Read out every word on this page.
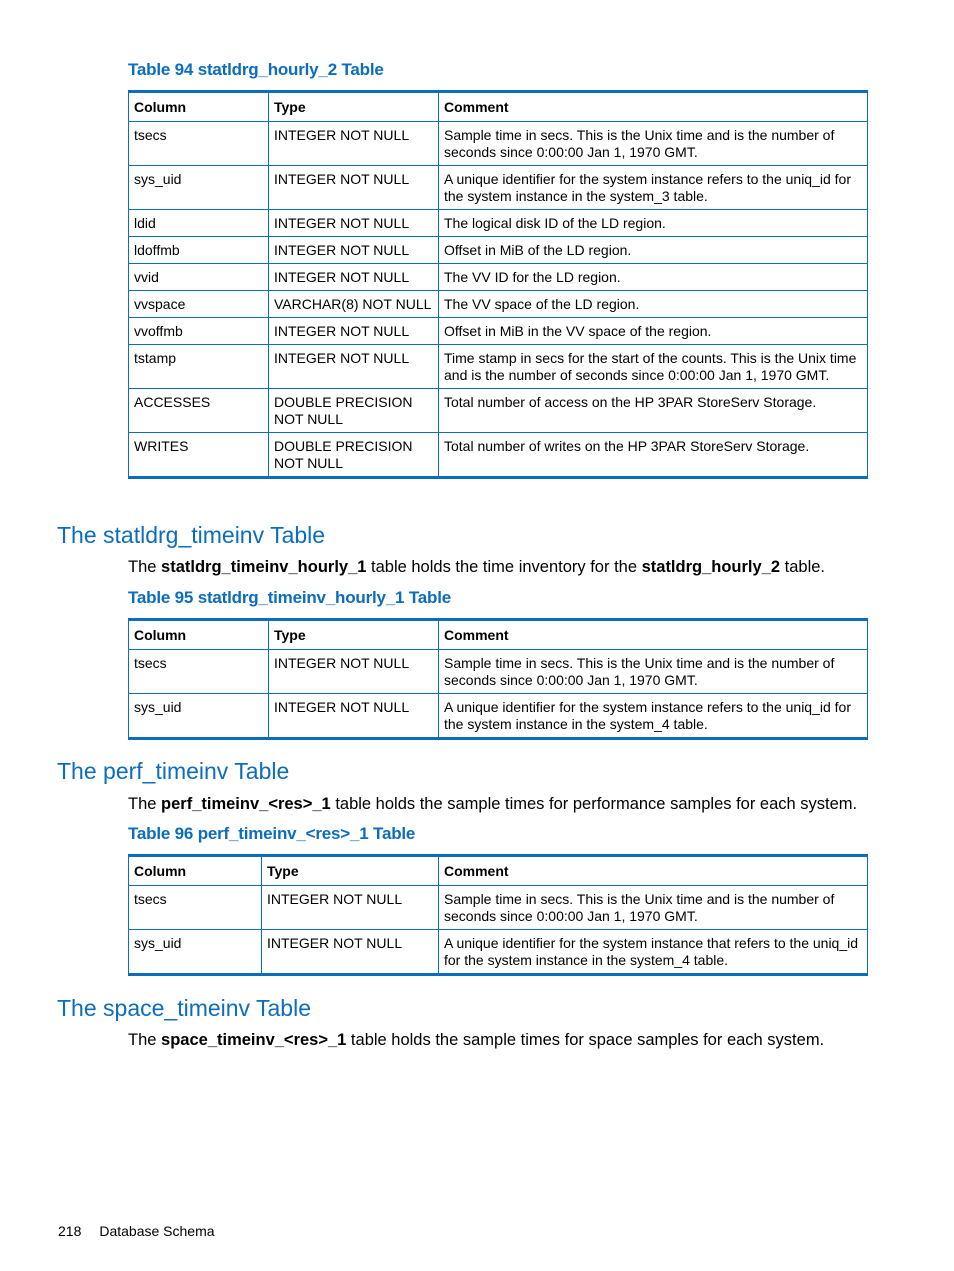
Table 94 statldrg_hourly_2 Table
Column	Type	Comment
tsecs	INTEGER NOT NULL	Sample time in secs. This is the Unix time and is the number of seconds since 0:00:00 Jan 1, 1970 GMT.
sys_uid	INTEGER NOT NULL	A unique identifier for the system instance refers to the uniq_id for the system instance in the system_3 table.
ldid	INTEGER NOT NULL	The logical disk ID of the LD region.
ldoffmb	INTEGER NOT NULL	Offset in MiB of the LD region.
vvid	INTEGER NOT NULL	The VV ID for the LD region.
vvspace	VARCHAR(8) NOT NULL	The VV space of the LD region.
vvoffmb	INTEGER NOT NULL	Offset in MiB in the VV space of the region.
tstamp	INTEGER NOT NULL	Time stamp in secs for the start of the counts. This is the Unix time and is the number of seconds since 0:00:00 Jan 1, 1970 GMT.
ACCESSES	DOUBLE PRECISION NOT NULL	Total number of access on the HP 3PAR StoreServ Storage.
WRITES	DOUBLE PRECISION NOT NULL	Total number of writes on the HP 3PAR StoreServ Storage.
The statldrg_timeinv Table
The statldrg_timeinv_hourly_1 table holds the time inventory for the statldrg_hourly_2 table.
Table 95 statldrg_timeinv_hourly_1 Table
Column	Type	Comment
tsecs	INTEGER NOT NULL	Sample time in secs. This is the Unix time and is the number of seconds since 0:00:00 Jan 1, 1970 GMT.
sys_uid	INTEGER NOT NULL	A unique identifier for the system instance refers to the uniq_id for the system instance in the system_4 table.
The perf_timeinv Table
The perf_timeinv_<res>_1 table holds the sample times for performance samples for each system.
Table 96 perf_timeinv_<res>_1 Table
Column	Type	Comment
tsecs	INTEGER NOT NULL	Sample time in secs. This is the Unix time and is the number of seconds since 0:00:00 Jan 1, 1970 GMT.
sys_uid	INTEGER NOT NULL	A unique identifier for the system instance that refers to the uniq_id for the system instance in the system_4 table.
The space_timeinv Table
The space_timeinv_<res>_1 table holds the sample times for space samples for each system.
218 Database Schema
